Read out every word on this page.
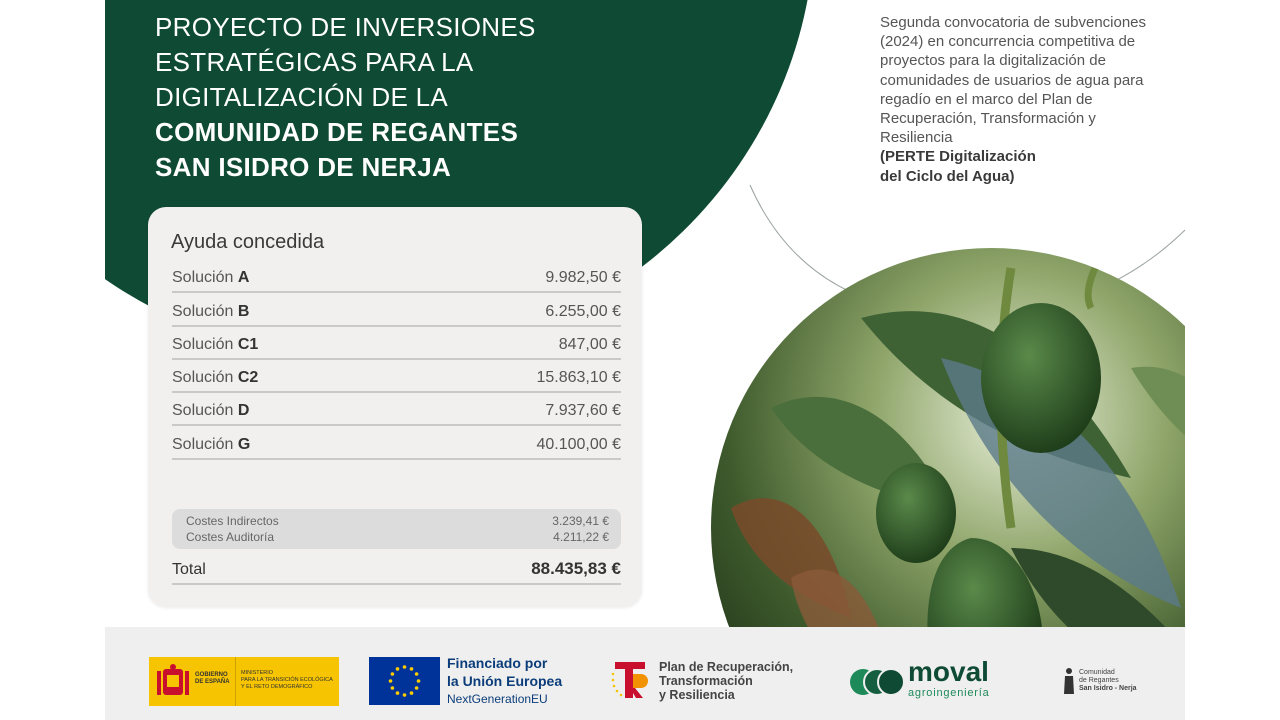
PROYECTO DE INVERSIONES
ESTRATÉGICAS PARA LA
DIGITALIZACIÓN DE LA
COMUNIDAD DE REGANTES
SAN ISIDRO DE NERJA
Ayuda concedida
Solución A	9.982,50 €
Solución B	6.255,00 €
Solución C1	847,00 €
Solución C2	15.863,10 €
Solución D	7.937,60 €
Solución G	40.100,00 €
Costes Indirectos	3.239,41 €
Costes Auditoría	4.211,22 €
Total	88.435,83 €
Segunda convocatoria de subvenciones (2024) en concurrencia competitiva de proyectos para la digitalización de comunidades de usuarios de agua para regadío en el marco del Plan de Recuperación, Transformación y Resiliencia
(PERTE Digitalización
del Ciclo del Agua)
GOBIERNO
DE ESPAÑA
MINISTERIO
PARA LA TRANSICIÓN ECOLÓGICA
Y EL RETO DEMOGRÁFICO
Financiado por
la Unión Europea
NextGenerationEU
Plan de Recuperación,
Transformación
y Resiliencia
moval
agroingeniería
Comunidad
de Regantes
San Isidro - Nerja
